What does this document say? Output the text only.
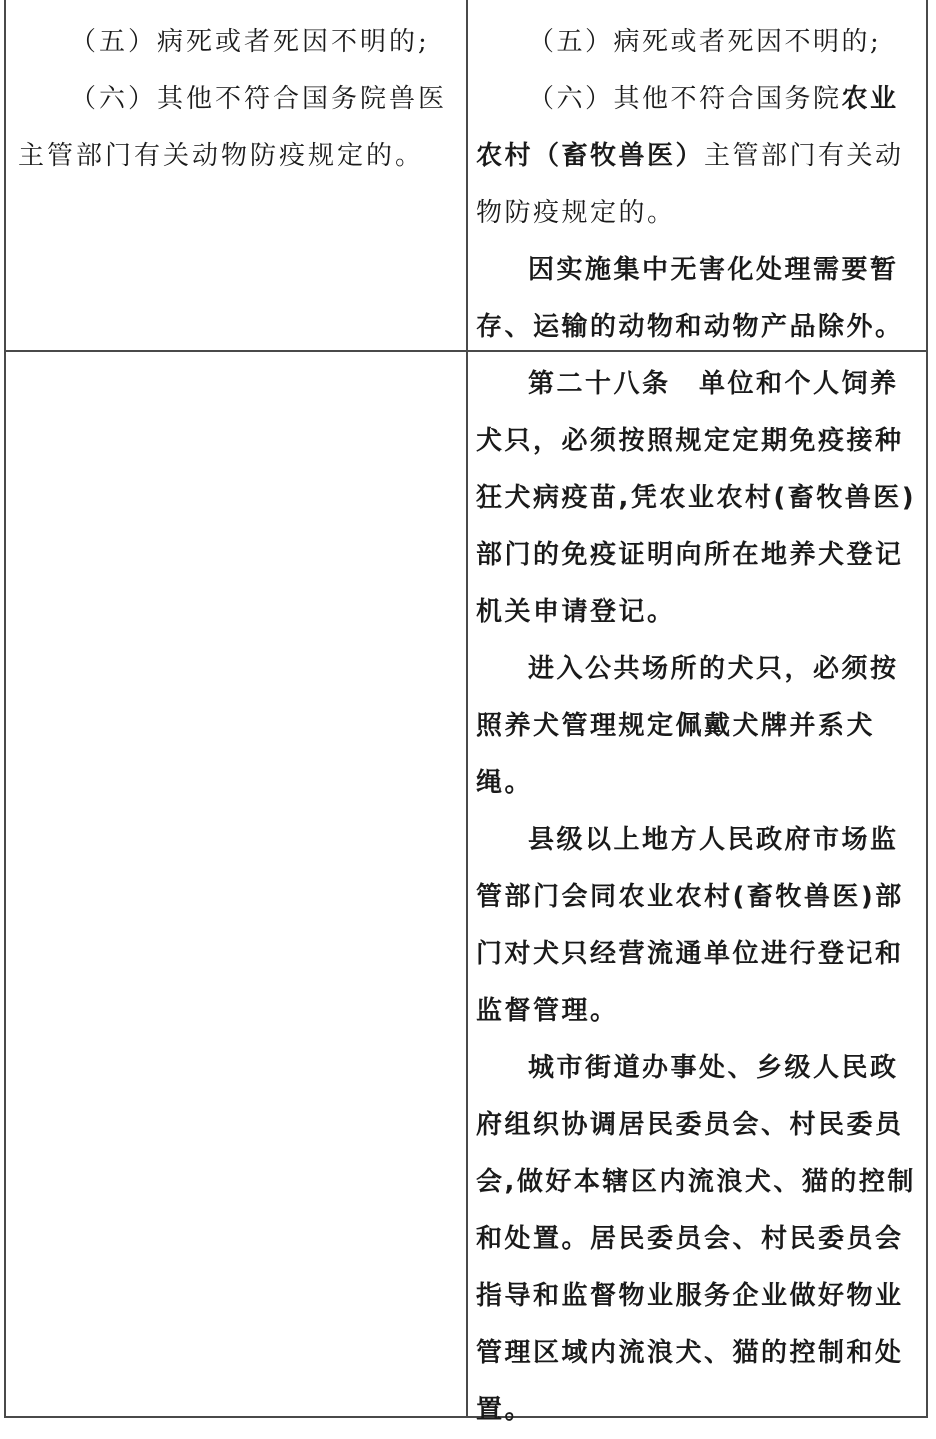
（五）病死或者死因不明的;

（六）其他不符合国务院兽医主管部门有关动物防疫规定的。

（五）病死或者死因不明的;

（六）其他不符合国务院农业农村（畜牧兽医）主管部门有关动物防疫规定的。

因实施集中无害化处理需要暂存、运输的动物和动物产品除外。

第二十八条　单位和个人饲养犬只，必须按照规定定期免疫接种狂犬病疫苗,凭农业农村(畜牧兽医)部门的免疫证明向所在地养犬登记机关申请登记。

进入公共场所的犬只，必须按照养犬管理规定佩戴犬牌并系犬绳。

县级以上地方人民政府市场监管部门会同农业农村(畜牧兽医)部门对犬只经营流通单位进行登记和监督管理。

城市街道办事处、乡级人民政府组织协调居民委员会、村民委员会,做好本辖区内流浪犬、猫的控制和处置。居民委员会、村民委员会指导和监督物业服务企业做好物业管理区域内流浪犬、猫的控制和处置。
